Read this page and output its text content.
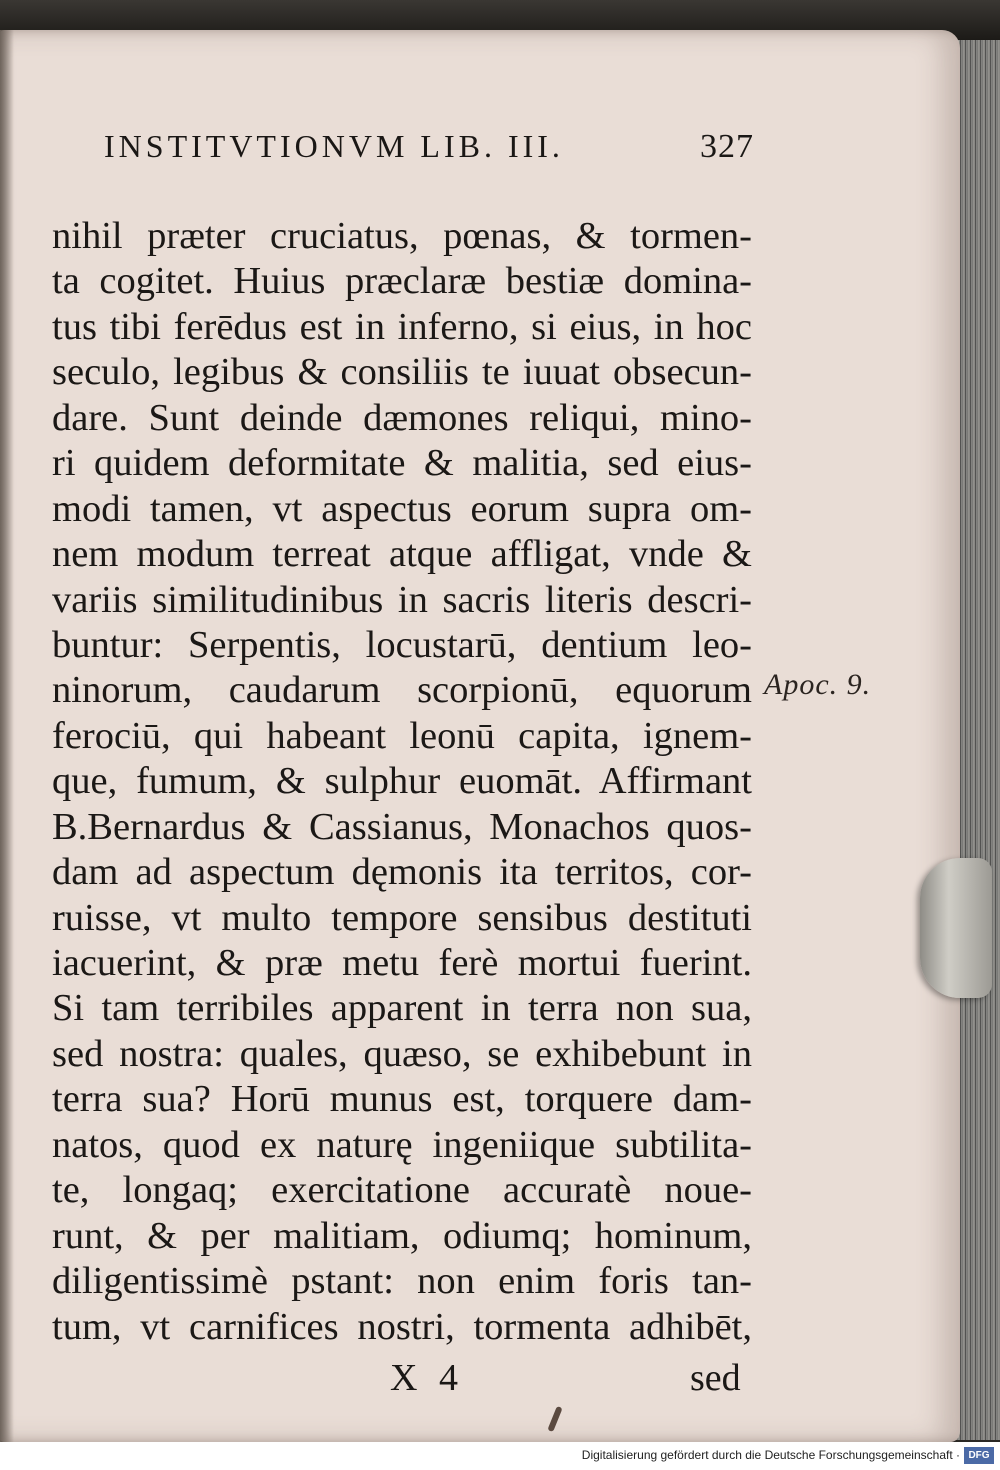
INSTITVTIONVM LIB. III.	327
nihil præter cruciatus, pœnas, & tormen-
ta cogitet. Huius præclaræ bestiæ domina-
tus tibi ferēdus est in inferno, si eius, in hoc
seculo, legibus & consiliis te iuuat obsecun-
dare. Sunt deinde dæmones reliqui, mino-
ri quidem deformitate & malitia, sed eius-
modi tamen, vt aspectus eorum supra om-
nem modum terreat atque affligat, vnde &
variis similitudinibus in sacris literis descri-
buntur: Serpentis, locustarū, dentium leo-
ninorum, caudarum scorpionū, equorum
ferociū, qui habeant leonū capita, ignem-
que, fumum, & sulphur euomāt. Affirmant
B.Bernardus & Cassianus, Monachos quos-
dam ad aspectum dęmonis ita territos, cor-
ruisse, vt multo tempore sensibus destituti
iacuerint, & præ metu ferè mortui fuerint.
Si tam terribiles apparent in terra non sua,
sed nostra: quales, quæso, se exhibebunt in
terra sua? Horū munus est, torquere dam-
natos, quod ex naturę ingeniique subtilita-
te, longaq; exercitatione accuratè noue-
runt, & per malitiam, odiumq; hominum,
diligentissimè pstant: non enim foris tan-
tum, vt carnifices nostri, tormenta adhibēt,
Apoc. 9.
X 4	sed
Digitalisierung gefördert durch die Deutsche Forschungsgemeinschaft · DFG
